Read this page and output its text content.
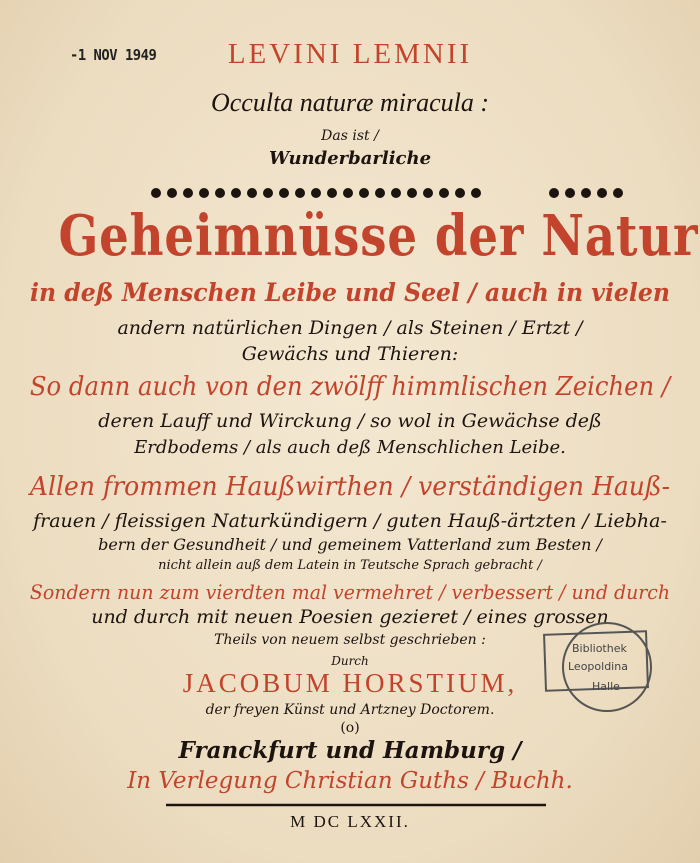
-1 NOV 1949	LEVINI LEMNII
Occulta naturæ miracula :
Das ist /
Wunderbarliche
Geheimnüsse der Natur
in deß Menschen Leibe und Seel / auch in vielen
andern natürlichen Dingen / als Steinen / Ertzt /
Gewächs und Thieren:
So dann auch von den zwölff himmlischen Zeichen /
deren Lauff und Wirckung / so wol in Gewächse deß
Erdbodems / als auch deß Menschlichen Leibe.
Allen frommen Haußwirthen / verständigen Hauß-
frauen / fleissigen Naturkündigern / guten Hauß-ärtzten / Liebha-
bern der Gesundheit / und gemeinem Vatterland zum Besten /
nicht allein auß dem Latein in Teutsche Sprach gebracht /
Sondern nun zum vierdten mal vermehret / verbessert / und durch
und durch mit neuen Poesien gezieret / eines grossen
Theils von neuem selbst geschrieben :
Durch
JACOBUM HORSTIUM,
der freyen Künst und Artzney Doctorem.
(o)
Franckfurt und Hamburg /
In Verlegung Christian Guths / Buchh.
M DC LXXII.
Bibliothek
Leopoldina
Halle
